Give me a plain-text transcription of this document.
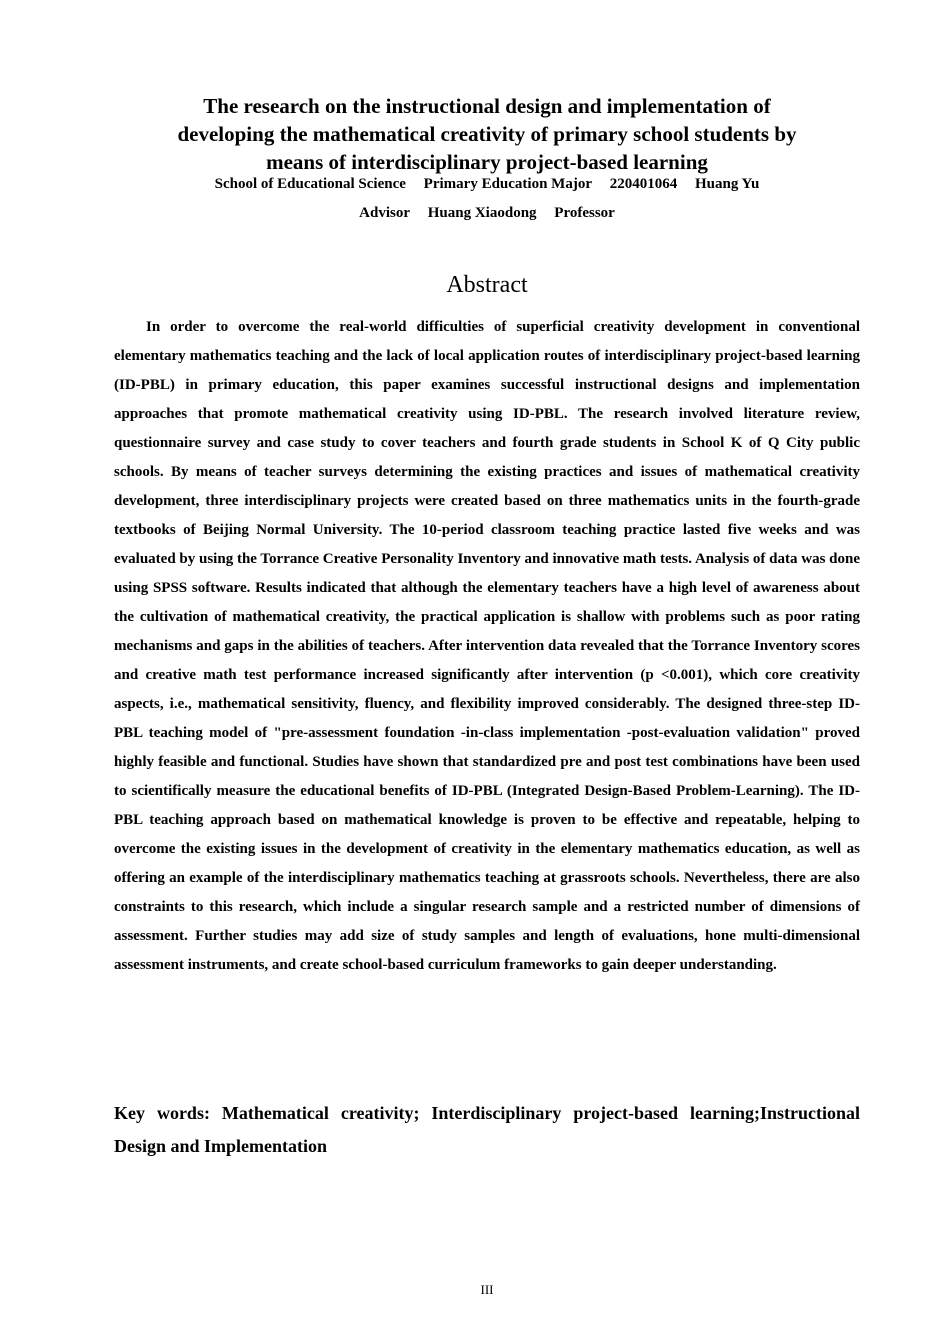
The research on the instructional design and implementation of
developing the mathematical creativity of primary school students by
means of interdisciplinary project-based learning
School of Educational Science Primary Education Major 220401064 Huang Yu
Advisor Huang Xiaodong Professor
Abstract

In order to overcome the real-world difficulties of superficial creativity development in conventional elementary mathematics teaching and the lack of local application routes of interdisciplinary project-based learning (ID-PBL) in primary education, this paper examines successful instructional designs and implementation approaches that promote mathematical creativity using ID-PBL. The research involved literature review, questionnaire survey and case study to cover teachers and fourth grade students in School K of Q City public schools. By means of teacher surveys determining the existing practices and issues of mathematical creativity development, three interdisciplinary projects were created based on three mathematics units in the fourth-grade textbooks of Beijing Normal University. The 10-period classroom teaching practice lasted five weeks and was evaluated by using the Torrance Creative Personality Inventory and innovative math tests. Analysis of data was done using SPSS software. Results indicated that although the elementary teachers have a high level of awareness about the cultivation of mathematical creativity, the practical application is shallow with problems such as poor rating mechanisms and gaps in the abilities of teachers. After intervention data revealed that the Torrance Inventory scores and creative math test performance increased significantly after intervention (p <0.001), which core creativity aspects, i.e., mathematical sensitivity, fluency, and flexibility improved considerably. The designed three-step ID-PBL teaching model of "pre-assessment foundation -in-class implementation -post-evaluation validation" proved highly feasible and functional. Studies have shown that standardized pre and post test combinations have been used to scientifically measure the educational benefits of ID-PBL (Integrated Design-Based Problem-Learning). The ID-PBL teaching approach based on mathematical knowledge is proven to be effective and repeatable, helping to overcome the existing issues in the development of creativity in the elementary mathematics education, as well as offering an example of the interdisciplinary mathematics teaching at grassroots schools. Nevertheless, there are also constraints to this research, which include a singular research sample and a restricted number of dimensions of assessment. Further studies may add size of study samples and length of evaluations, hone multi-dimensional assessment instruments, and create school-based curriculum frameworks to gain deeper understanding.

Key words: Mathematical creativity; Interdisciplinary project-based learning;Instructional Design and Implementation

III
